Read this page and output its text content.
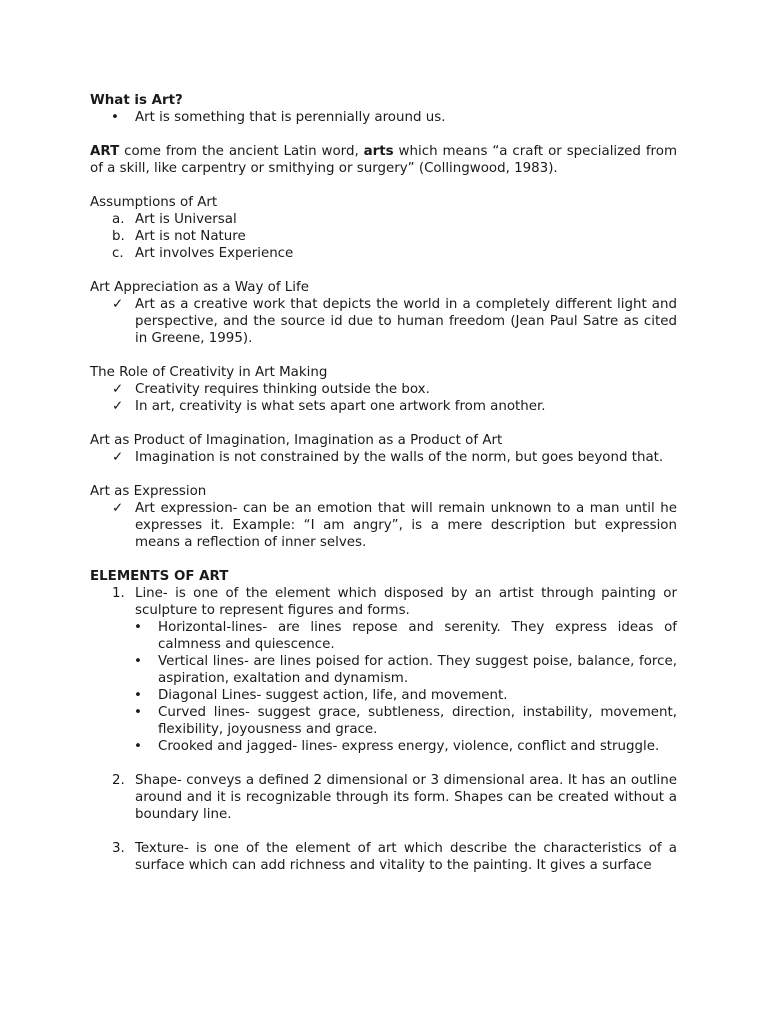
What is Art?
•	Art is something that is perennially around us.
ART come from the ancient Latin word, arts which means “a craft or specialized from of a skill, like carpentry or smithying or surgery” (Collingwood, 1983).
Assumptions of Art
a. Art is Universal
b. Art is not Nature
c. Art involves Experience
Art Appreciation as a Way of Life
✓ Art as a creative work that depicts the world in a completely different light and perspective, and the source id due to human freedom (Jean Paul Satre as cited in Greene, 1995).
The Role of Creativity in Art Making
✓ Creativity requires thinking outside the box.
✓ In art, creativity is what sets apart one artwork from another.
Art as Product of Imagination, Imagination as a Product of Art
✓ Imagination is not constrained by the walls of the norm, but goes beyond that.
Art as Expression
✓ Art expression- can be an emotion that will remain unknown to a man until he expresses it. Example: “I am angry”, is a mere description but expression means a reflection of inner selves.
ELEMENTS OF ART
1. Line- is one of the element which disposed by an artist through painting or sculpture to represent figures and forms.
•	Horizontal-lines- are lines repose and serenity. They express ideas of calmness and quiescence.
•	Vertical lines- are lines poised for action. They suggest poise, balance, force, aspiration, exaltation and dynamism.
•	Diagonal Lines- suggest action, life, and movement.
•	Curved lines- suggest grace, subtleness, direction, instability, movement, flexibility, joyousness and grace.
•	Crooked and jagged- lines- express energy, violence, conflict and struggle.
2. Shape- conveys a defined 2 dimensional or 3 dimensional area. It has an outline around and it is recognizable through its form. Shapes can be created without a boundary line.
3. Texture- is one of the element of art which describe the characteristics of a surface which can add richness and vitality to the painting. It gives a surface
